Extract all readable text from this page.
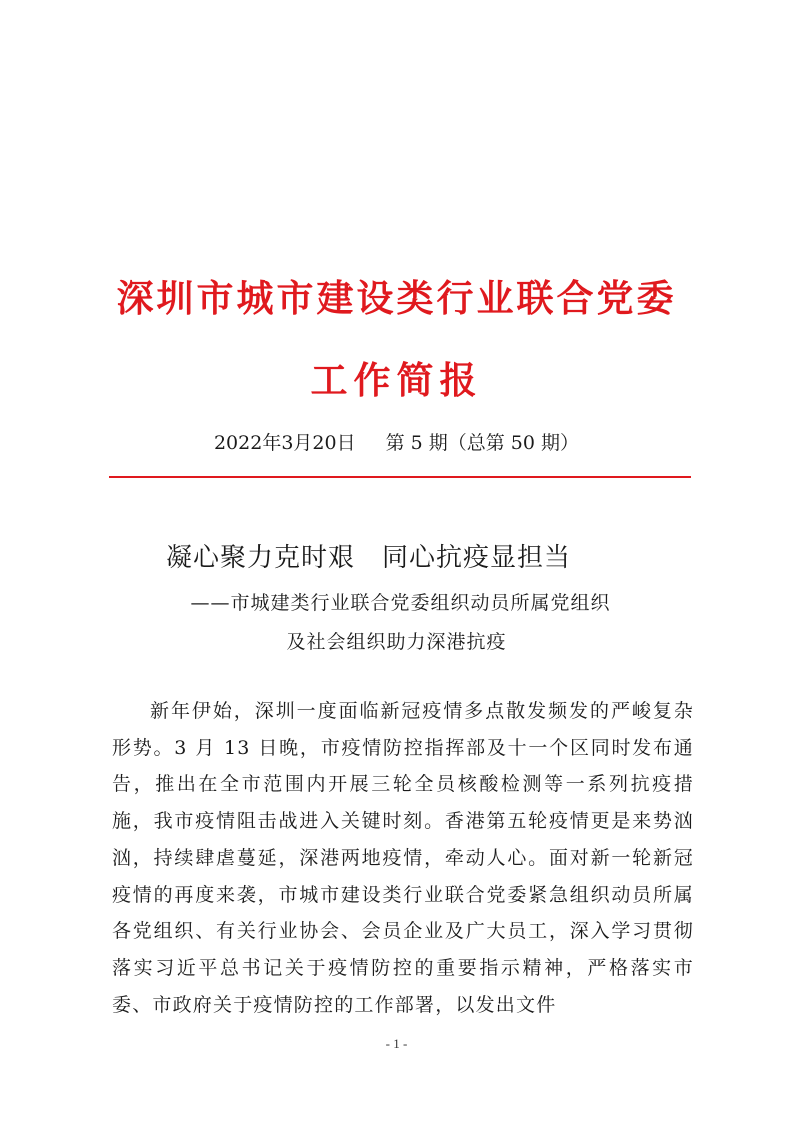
深圳市城市建设类行业联合党委
工作简报
2022年3月20日 第 5 期（总第 50 期）
凝心聚力克时艰　同心抗疫显担当
——市城建类行业联合党委组织动员所属党组织
及社会组织助力深港抗疫

新年伊始，深圳一度面临新冠疫情多点散发频发的严峻复杂形势。3 月 13 日晚，市疫情防控指挥部及十一个区同时发布通告，推出在全市范围内开展三轮全员核酸检测等一系列抗疫措施，我市疫情阻击战进入关键时刻。香港第五轮疫情更是来势汹汹，持续肆虐蔓延，深港两地疫情，牵动人心。面对新一轮新冠疫情的再度来袭，市城市建设类行业联合党委紧急组织动员所属各党组织、有关行业协会、会员企业及广大员工，深入学习贯彻落实习近平总书记关于疫情防控的重要指示精神，严格落实市委、市政府关于疫情防控的工作部署，以发出文件

- 1 -
